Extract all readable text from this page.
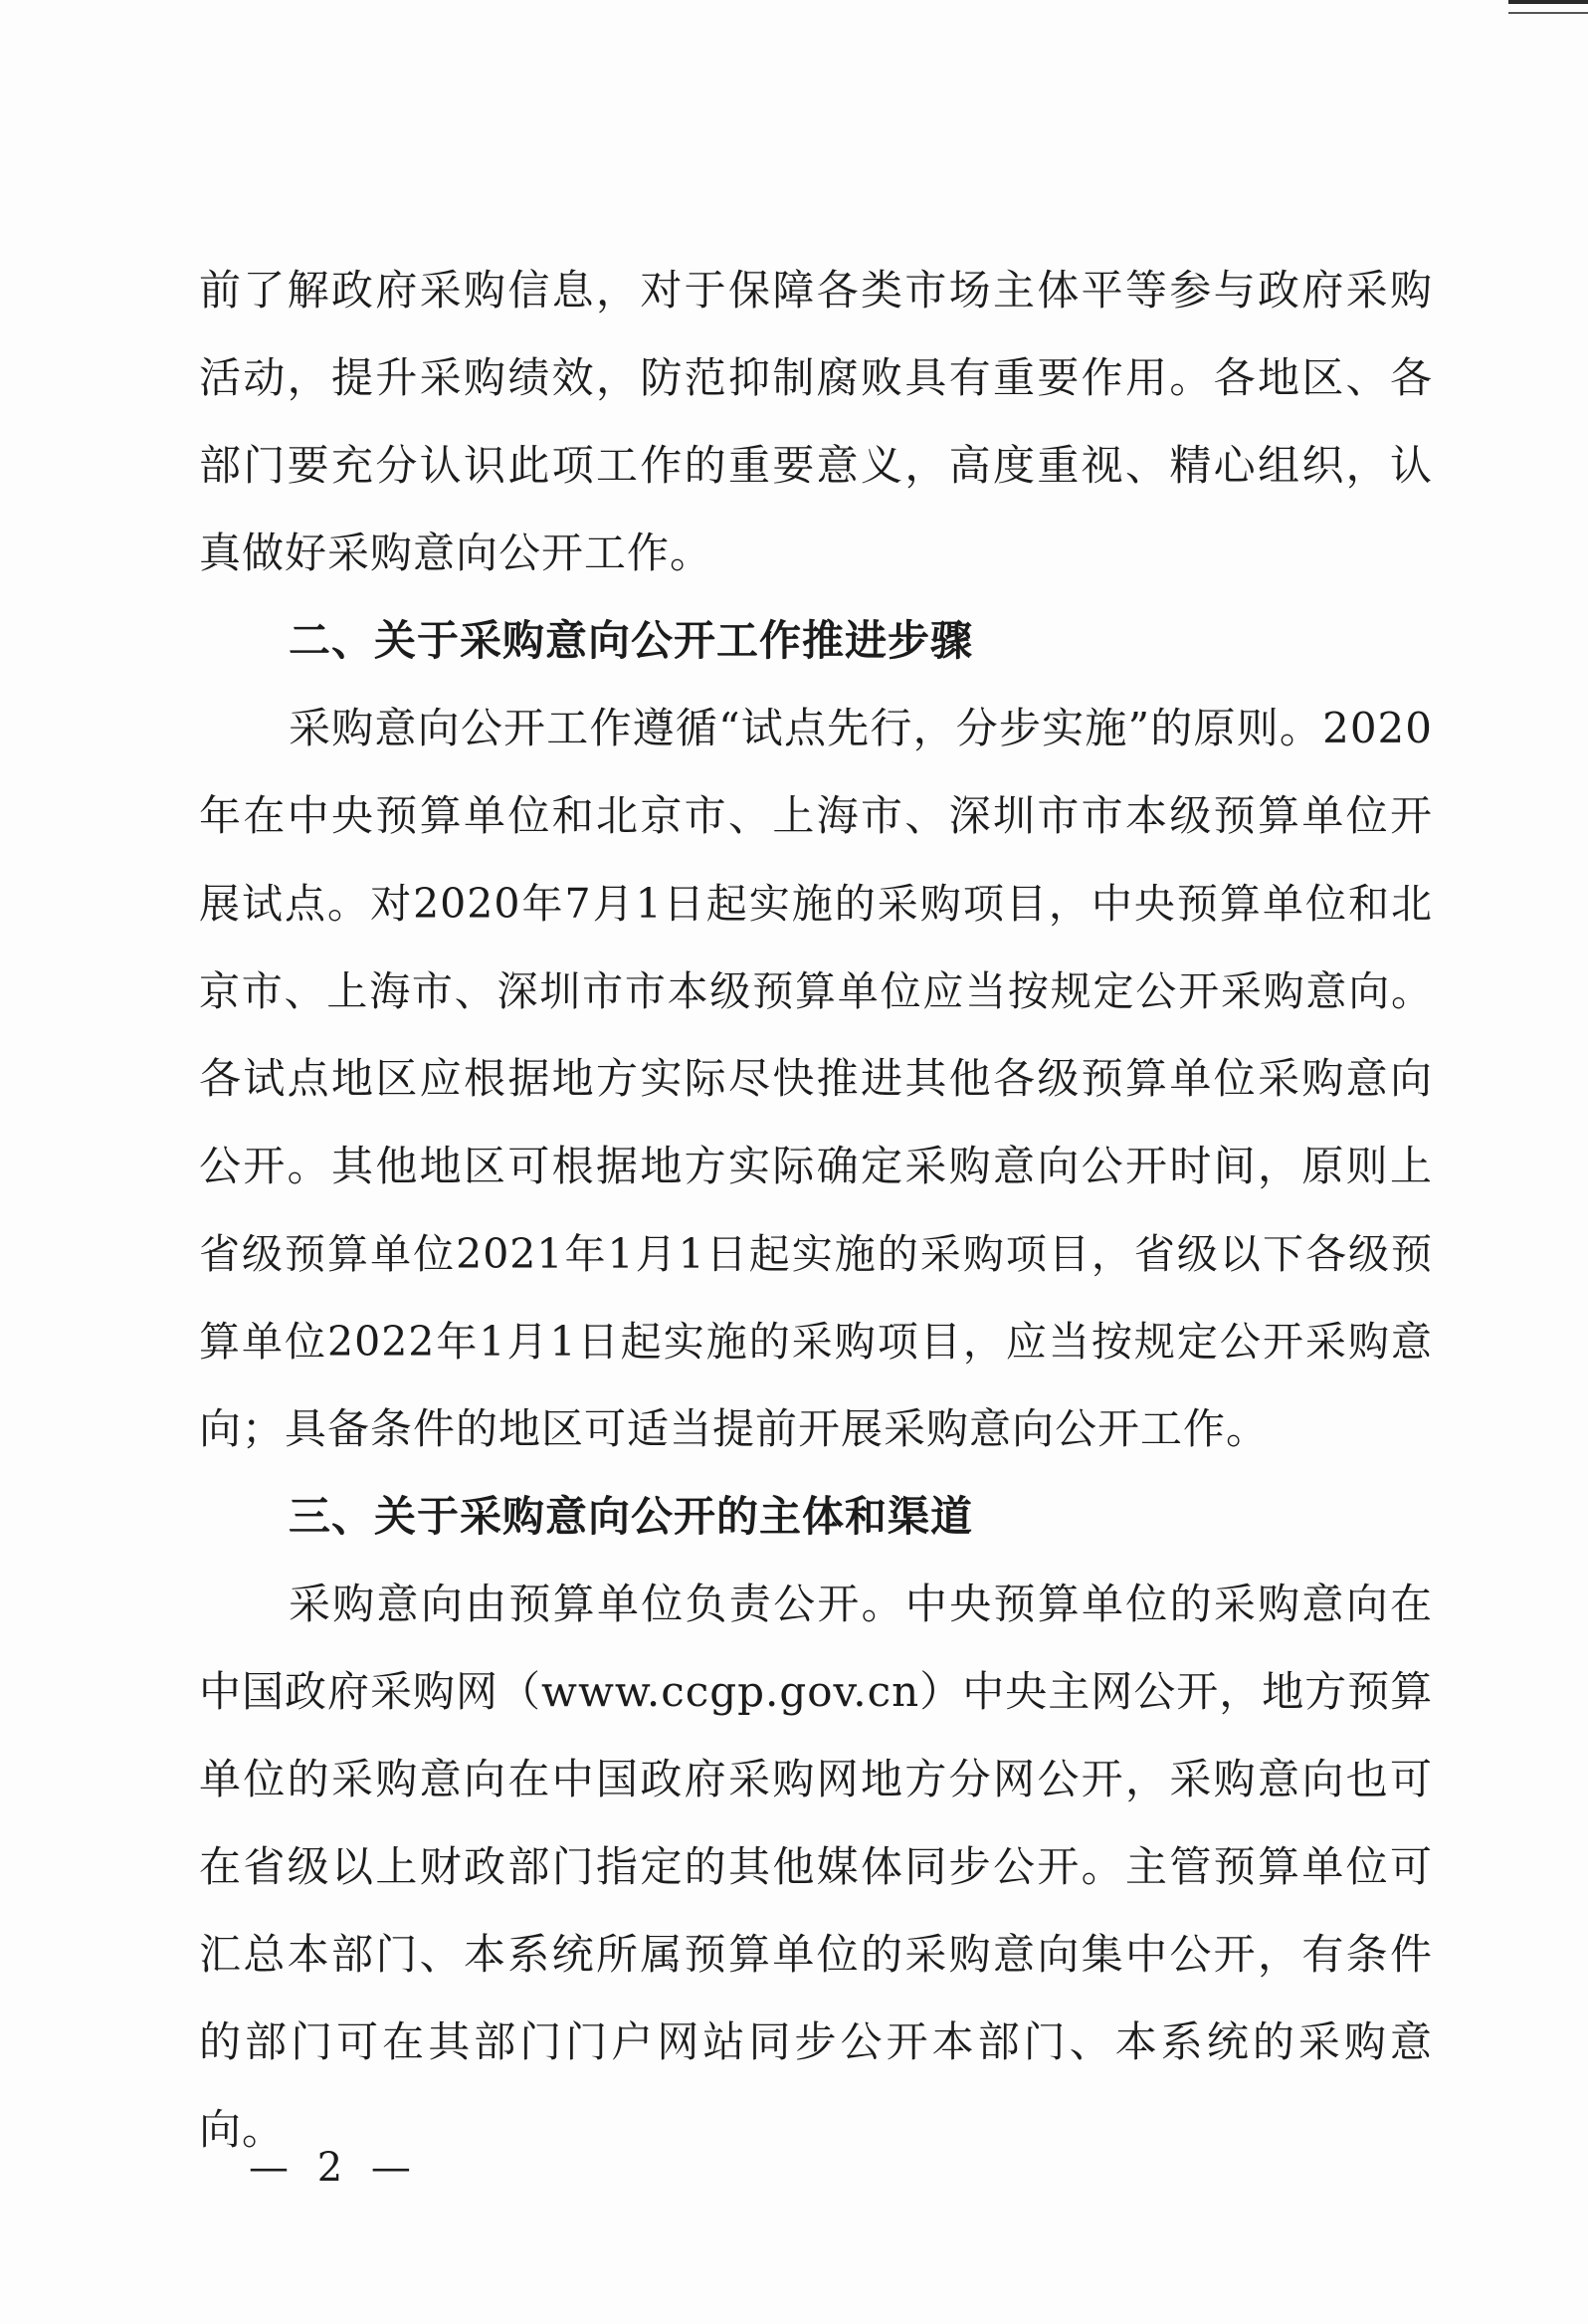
前了解政府采购信息，对于保障各类市场主体平等参与政府采购
活动，提升采购绩效，防范抑制腐败具有重要作用。各地区、各
部门要充分认识此项工作的重要意义，高度重视、精心组织，认
真做好采购意向公开工作。
二、关于采购意向公开工作推进步骤
采购意向公开工作遵循“试点先行，分步实施”的原则。2020
年在中央预算单位和北京市、上海市、深圳市市本级预算单位开
展试点。对2020年7月1日起实施的采购项目，中央预算单位和北
京市、上海市、深圳市市本级预算单位应当按规定公开采购意向。
各试点地区应根据地方实际尽快推进其他各级预算单位采购意向
公开。其他地区可根据地方实际确定采购意向公开时间，原则上
省级预算单位2021年1月1日起实施的采购项目，省级以下各级预
算单位2022年1月1日起实施的采购项目，应当按规定公开采购意
向；具备条件的地区可适当提前开展采购意向公开工作。
三、关于采购意向公开的主体和渠道
采购意向由预算单位负责公开。中央预算单位的采购意向在
中国政府采购网（www.ccgp.gov.cn）中央主网公开，地方预算
单位的采购意向在中国政府采购网地方分网公开，采购意向也可
在省级以上财政部门指定的其他媒体同步公开。主管预算单位可
汇总本部门、本系统所属预算单位的采购意向集中公开，有条件
的部门可在其部门门户网站同步公开本部门、本系统的采购意
向。
— 2 —
